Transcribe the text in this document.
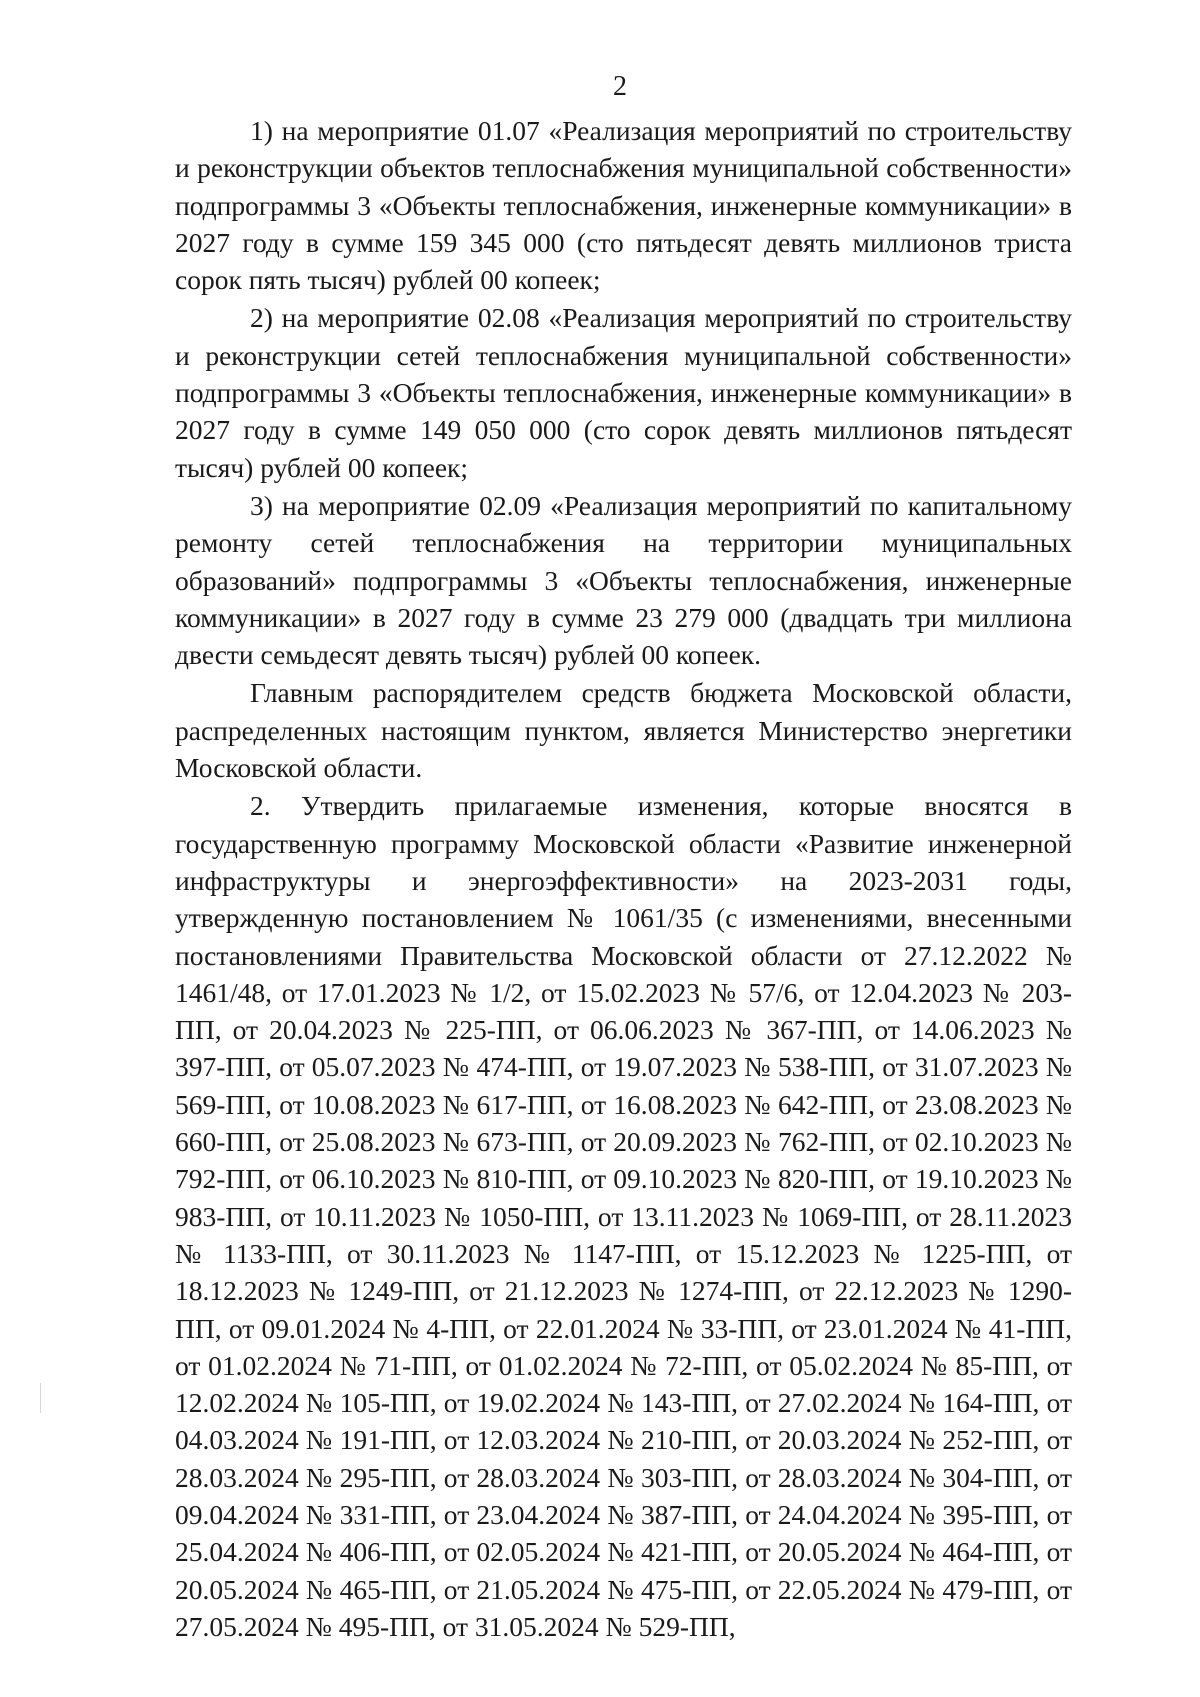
2

1) на мероприятие 01.07 «Реализация мероприятий по строительству и реконструкции объектов теплоснабжения муниципальной собственности» подпрограммы 3 «Объекты теплоснабжения, инженерные коммуникации» в 2027 году в сумме 159 345 000 (сто пятьдесят девять миллионов триста сорок пять тысяч) рублей 00 копеек;

2) на мероприятие 02.08 «Реализация мероприятий по строительству и реконструкции сетей теплоснабжения муниципальной собственности» подпрограммы 3 «Объекты теплоснабжения, инженерные коммуникации» в 2027 году в сумме 149 050 000 (сто сорок девять миллионов пятьдесят тысяч) рублей 00 копеек;

3) на мероприятие 02.09 «Реализация мероприятий по капитальному ремонту сетей теплоснабжения на территории муниципальных образований» подпрограммы 3 «Объекты теплоснабжения, инженерные коммуникации» в 2027 году в сумме 23 279 000 (двадцать три миллиона двести семьдесят девять тысяч) рублей 00 копеек.

Главным распорядителем средств бюджета Московской области, распределенных настоящим пунктом, является Министерство энергетики Московской области.

2. Утвердить прилагаемые изменения, которые вносятся в государственную программу Московской области «Развитие инженерной инфраструктуры и энергоэффективности» на 2023-2031 годы, утвержденную постановлением № 1061/35 (с изменениями, внесенными постановлениями Правительства Московской области от 27.12.2022 № 1461/48, от 17.01.2023 № 1/2, от 15.02.2023 № 57/6, от 12.04.2023 № 203-ПП, от 20.04.2023 № 225-ПП, от 06.06.2023 № 367-ПП, от 14.06.2023 № 397-ПП, от 05.07.2023 № 474-ПП, от 19.07.2023 № 538-ПП, от 31.07.2023 № 569-ПП, от 10.08.2023 № 617-ПП, от 16.08.2023 № 642-ПП, от 23.08.2023 № 660-ПП, от 25.08.2023 № 673-ПП, от 20.09.2023 № 762-ПП, от 02.10.2023 № 792-ПП, от 06.10.2023 № 810-ПП, от 09.10.2023 № 820-ПП, от 19.10.2023 № 983-ПП, от 10.11.2023 № 1050-ПП, от 13.11.2023 № 1069-ПП, от 28.11.2023 № 1133-ПП, от 30.11.2023 № 1147-ПП, от 15.12.2023 № 1225-ПП, от 18.12.2023 № 1249-ПП, от 21.12.2023 № 1274-ПП, от 22.12.2023 № 1290-ПП, от 09.01.2024 № 4-ПП, от 22.01.2024 № 33-ПП, от 23.01.2024 № 41-ПП, от 01.02.2024 № 71-ПП, от 01.02.2024 № 72-ПП, от 05.02.2024 № 85-ПП, от 12.02.2024 № 105-ПП, от 19.02.2024 № 143-ПП, от 27.02.2024 № 164-ПП, от 04.03.2024 № 191-ПП, от 12.03.2024 № 210-ПП, от 20.03.2024 № 252-ПП, от 28.03.2024 № 295-ПП, от 28.03.2024 № 303-ПП, от 28.03.2024 № 304-ПП, от 09.04.2024 № 331-ПП, от 23.04.2024 № 387-ПП, от 24.04.2024 № 395-ПП, от 25.04.2024 № 406-ПП, от 02.05.2024 № 421-ПП, от 20.05.2024 № 464-ПП, от 20.05.2024 № 465-ПП, от 21.05.2024 № 475-ПП, от 22.05.2024 № 479-ПП, от 27.05.2024 № 495-ПП, от 31.05.2024 № 529-ПП,
